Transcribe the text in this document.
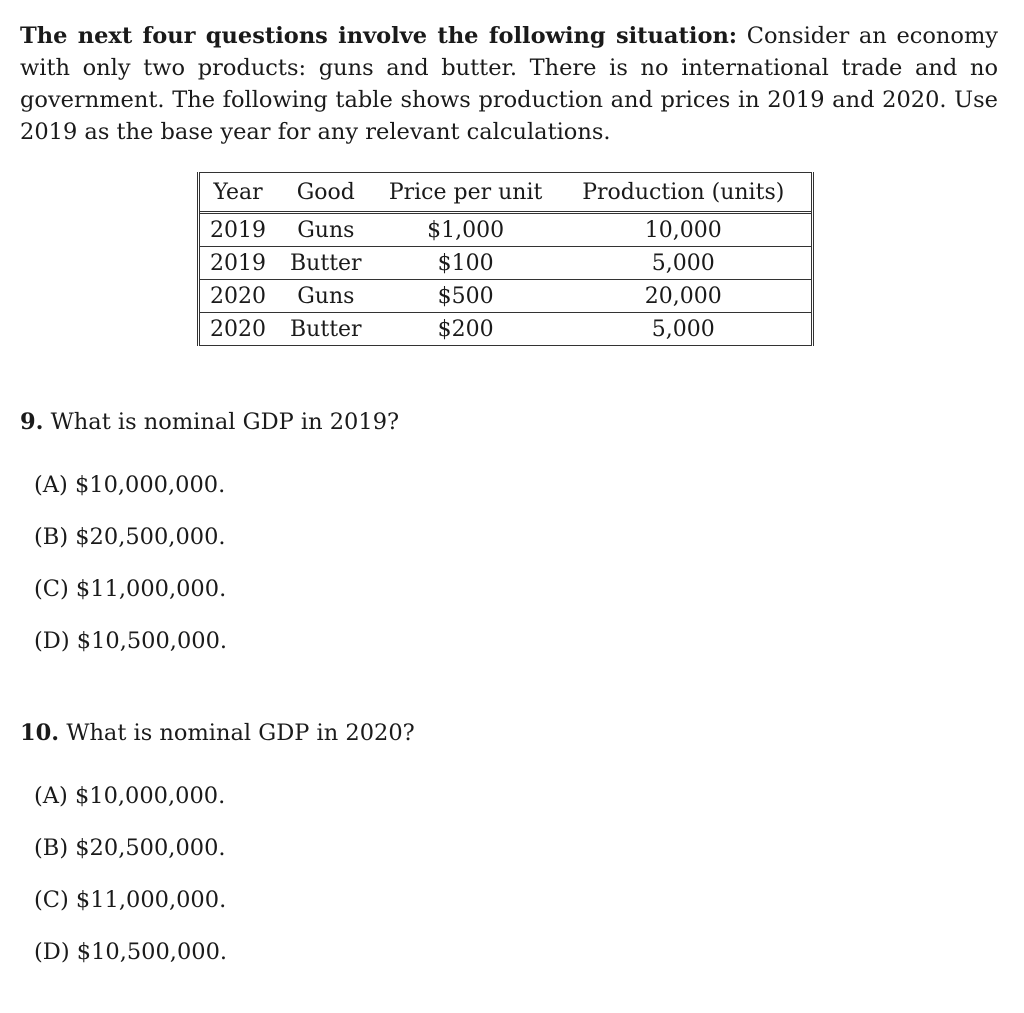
The next four questions involve the following situation: Consider an economy with only two products: guns and butter. There is no international trade and no government. The following table shows production and prices in 2019 and 2020. Use 2019 as the base year for any relevant calculations.
Year	Good	Price per unit	Production (units)
2019	Guns	$1,000	10,000
2019	Butter	$100	5,000
2020	Guns	$500	20,000
2020	Butter	$200	5,000
9. What is nominal GDP in 2019?
(A) $10,000,000.
(B) $20,500,000.
(C) $11,000,000.
(D) $10,500,000.
10. What is nominal GDP in 2020?
(A) $10,000,000.
(B) $20,500,000.
(C) $11,000,000.
(D) $10,500,000.
